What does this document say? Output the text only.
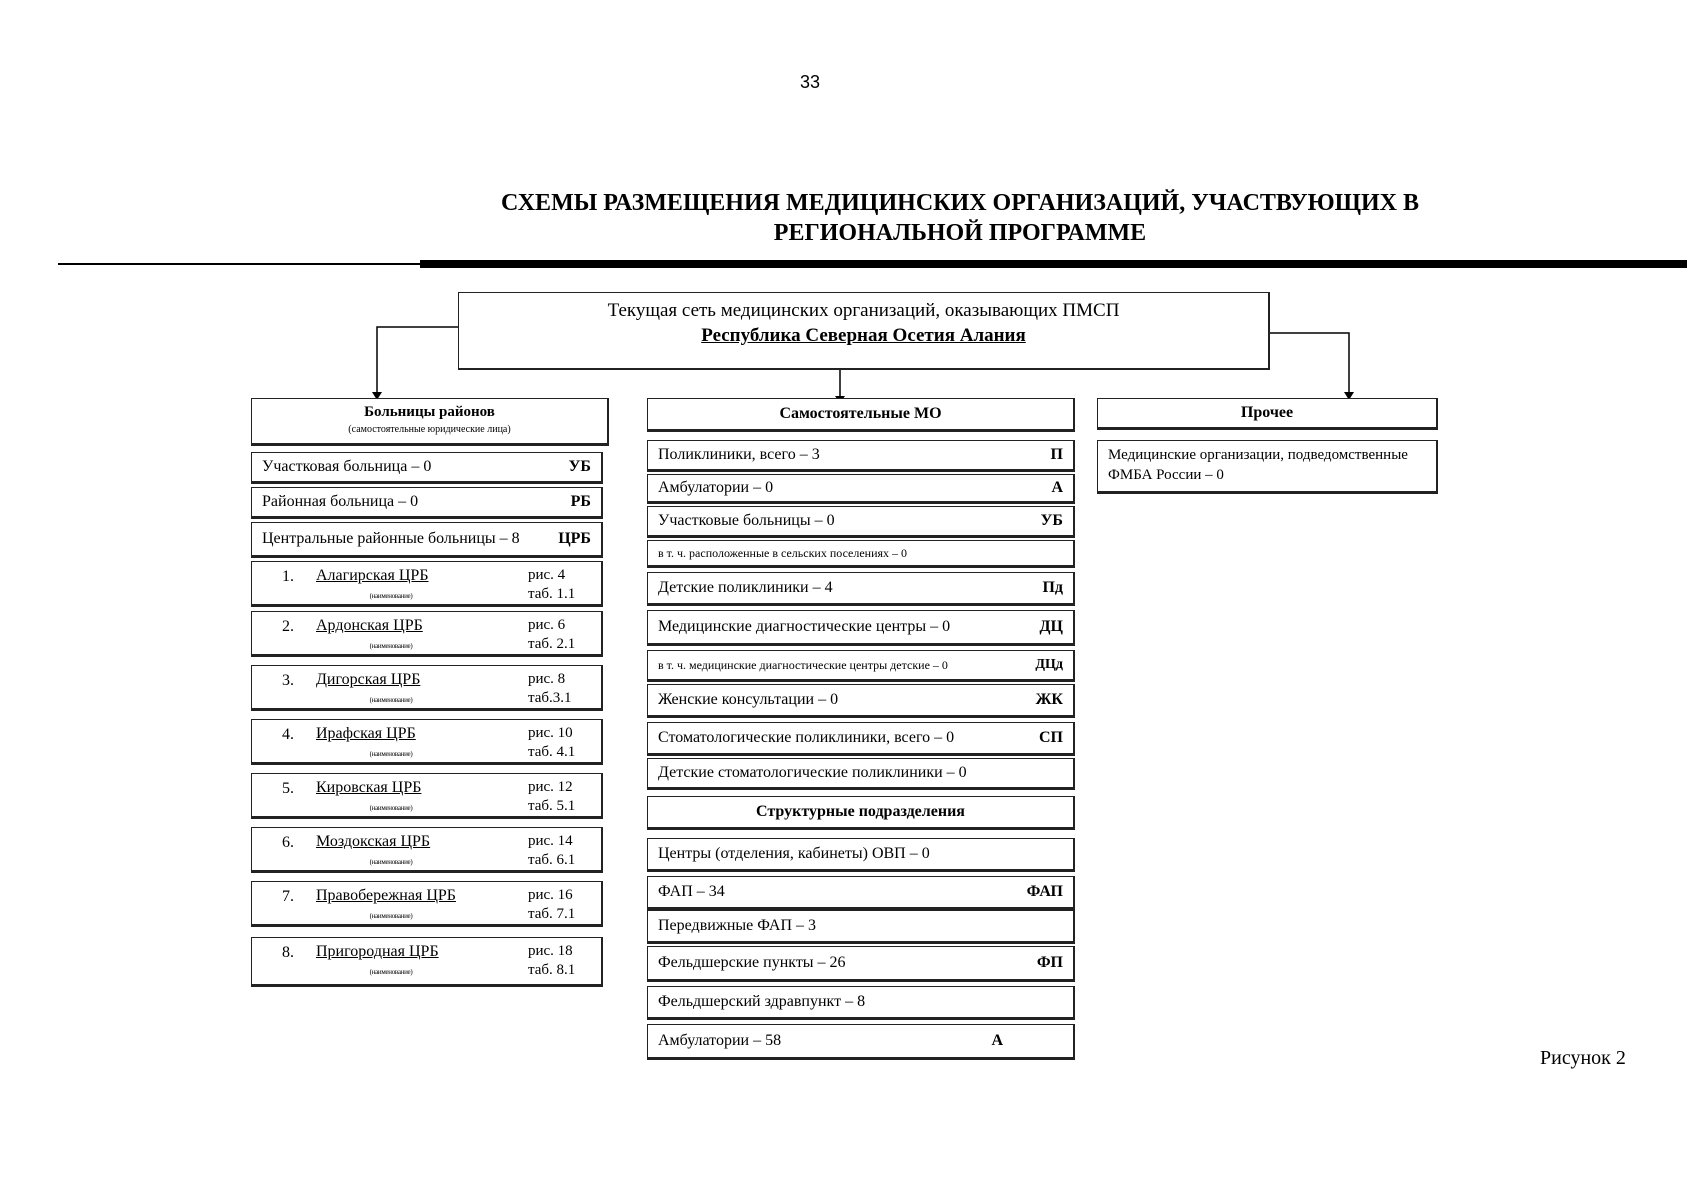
33
СХЕМЫ РАЗМЕЩЕНИЯ МЕДИЦИНСКИХ ОРГАНИЗАЦИЙ, УЧАСТВУЮЩИХ В
РЕГИОНАЛЬНОЙ ПРОГРАММЕ
Текущая сеть медицинских организаций, оказывающих ПМСП
Республика Северная Осетия Алания
Больницы районов
(самостоятельные юридические лица)
Участковая больница – 0	УБ
Районная больница – 0	РБ
Центральные районные больницы – 8	ЦРБ
1. Алагирская ЦРБ
(наименование)
рис. 4
таб. 1.1
2. Ардонская ЦРБ
(наименование)
рис. 6
таб. 2.1
3. Дигорская ЦРБ
(наименование)
рис. 8
таб.3.1
4. Ирафская ЦРБ
(наименование)
рис. 10
таб. 4.1
5. Кировская ЦРБ
(наименование)
рис. 12
таб. 5.1
6. Моздокская ЦРБ
(наименование)
рис. 14
таб. 6.1
7. Правобережная ЦРБ
(наименование)
рис. 16
таб. 7.1
8. Пригородная ЦРБ
(наименование)
рис. 18
таб. 8.1
Самостоятельные МО
Поликлиники, всего – 3	П
Амбулатории – 0	А
Участковые больницы – 0	УБ
в т. ч. расположенные в сельских поселениях – 0
Детские поликлиники – 4	Пд
Медицинские диагностические центры – 0	ДЦ
в т. ч. медицинские диагностические центры детские – 0	ДЦд
Женские консультации – 0	ЖК
Стоматологические поликлиники, всего – 0	СП
Детские стоматологические поликлиники – 0
Структурные подразделения
Центры (отделения, кабинеты) ОВП – 0
ФАП – 34	ФАП
Передвижные ФАП – 3
Фельдшерские пункты – 26	ФП
Фельдшерский здравпункт – 8
Амбулатории – 58	А
Прочее
Медицинские организации, подведомственные ФМБА России – 0
Рисунок 2
